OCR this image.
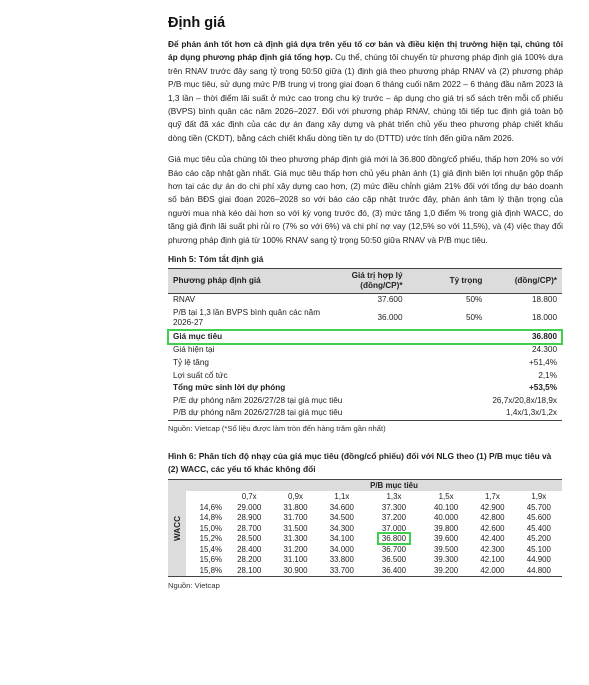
Định giá

Để phản ánh tốt hơn cả định giá dựa trên yếu tố cơ bản và điều kiện thị trường hiện tại, chúng tôi áp dụng phương pháp định giá tổng hợp. Cụ thể, chúng tôi chuyển từ phương pháp định giá 100% dựa trên RNAV trước đây sang tỷ trọng 50:50 giữa (1) định giá theo phương pháp RNAV và (2) phương pháp P/B mục tiêu, sử dụng mức P/B trung vị trong giai đoạn 6 tháng cuối năm 2022 – 6 tháng đầu năm 2023 là 1,3 lần – thời điểm lãi suất ở mức cao trong chu kỳ trước – áp dụng cho giá trị sổ sách trên mỗi cổ phiếu (BVPS) bình quân các năm 2026–2027. Đối với phương pháp RNAV, chúng tôi tiếp tục định giá toàn bộ quỹ đất đã xác định của các dự án đang xây dựng và phát triển chủ yếu theo phương pháp chiết khấu dòng tiền (CKDT), bằng cách chiết khấu dòng tiền tự do (DTTD) ước tính đến giữa năm 2026.

Giá mục tiêu của chúng tôi theo phương pháp định giá mới là 36.800 đồng/cổ phiếu, thấp hơn 20% so với Báo cáo cập nhật gần nhất. Giá mục tiêu thấp hơn chủ yếu phản ánh (1) giả định biên lợi nhuận gộp thấp hơn tại các dự án do chi phí xây dựng cao hơn, (2) mức điều chỉnh giảm 21% đối với tổng dự báo doanh số bán BĐS giai đoạn 2026–2028 so với báo cáo cập nhật trước đây, phản ánh tâm lý thận trọng của người mua nhà kéo dài hơn so với kỳ vọng trước đó, (3) mức tăng 1,0 điểm % trong giả định WACC, do tăng giả định lãi suất phi rủi ro (7% so với 6%) và chi phí nợ vay (12,5% so với 11,5%), và (4) việc thay đổi phương pháp định giá từ 100% RNAV sang tỷ trọng 50:50 giữa RNAV và P/B mục tiêu.

Hình 5: Tóm tắt định giá
Phương pháp định giá	Giá trị hợp lý (đồng/CP)*	Tỷ trọng	(đồng/CP)*
RNAV	37.600	50%	18.800
P/B tại 1,3 lần BVPS bình quân các năm 2026-27	36.000	50%	18.000
Giá mục tiêu			36.800
Giá hiện tại			24.300
Tỷ lệ tăng			+51,4%
Lợi suất cổ tức			2,1%
Tổng mức sinh lời dự phóng			+53,5%
P/E dự phóng năm 2026/27/28 tại giá mục tiêu			26,7x/20,8x/18,9x
P/B dự phóng năm 2026/27/28 tại giá mục tiêu			1,4x/1,3x/1,2x
Nguồn: Vietcap (*Số liệu được làm tròn đến hàng trăm gần nhất)
Hình 6: Phân tích độ nhạy của giá mục tiêu (đồng/cổ phiếu) đối với NLG theo (1) P/B mục tiêu và (2) WACC, các yếu tố khác không đổi
WACC
	P/B mục tiêu						
	0,7x	0,9x	1,1x	1,3x	1,5x	1,7x	1,9x
14,6%	29.000	31.800	34.600	37.300	40.100	42.900	45.700
14,8%	28.900	31.700	34.500	37.200	40.000	42.800	45.600
15,0%	28.700	31.500	34.300	37.000	39.800	42.600	45.400
15,2%	28.500	31.300	34.100	36.800	39.600	42.400	45.200
15,4%	28.400	31.200	34.000	36.700	39.500	42.300	45.100
15,6%	28.200	31.100	33.800	36.500	39.300	42.100	44.900
15,8%	28.100	30.900	33.700	36.400	39.200	42.000	44.800
Nguồn: Vietcap
